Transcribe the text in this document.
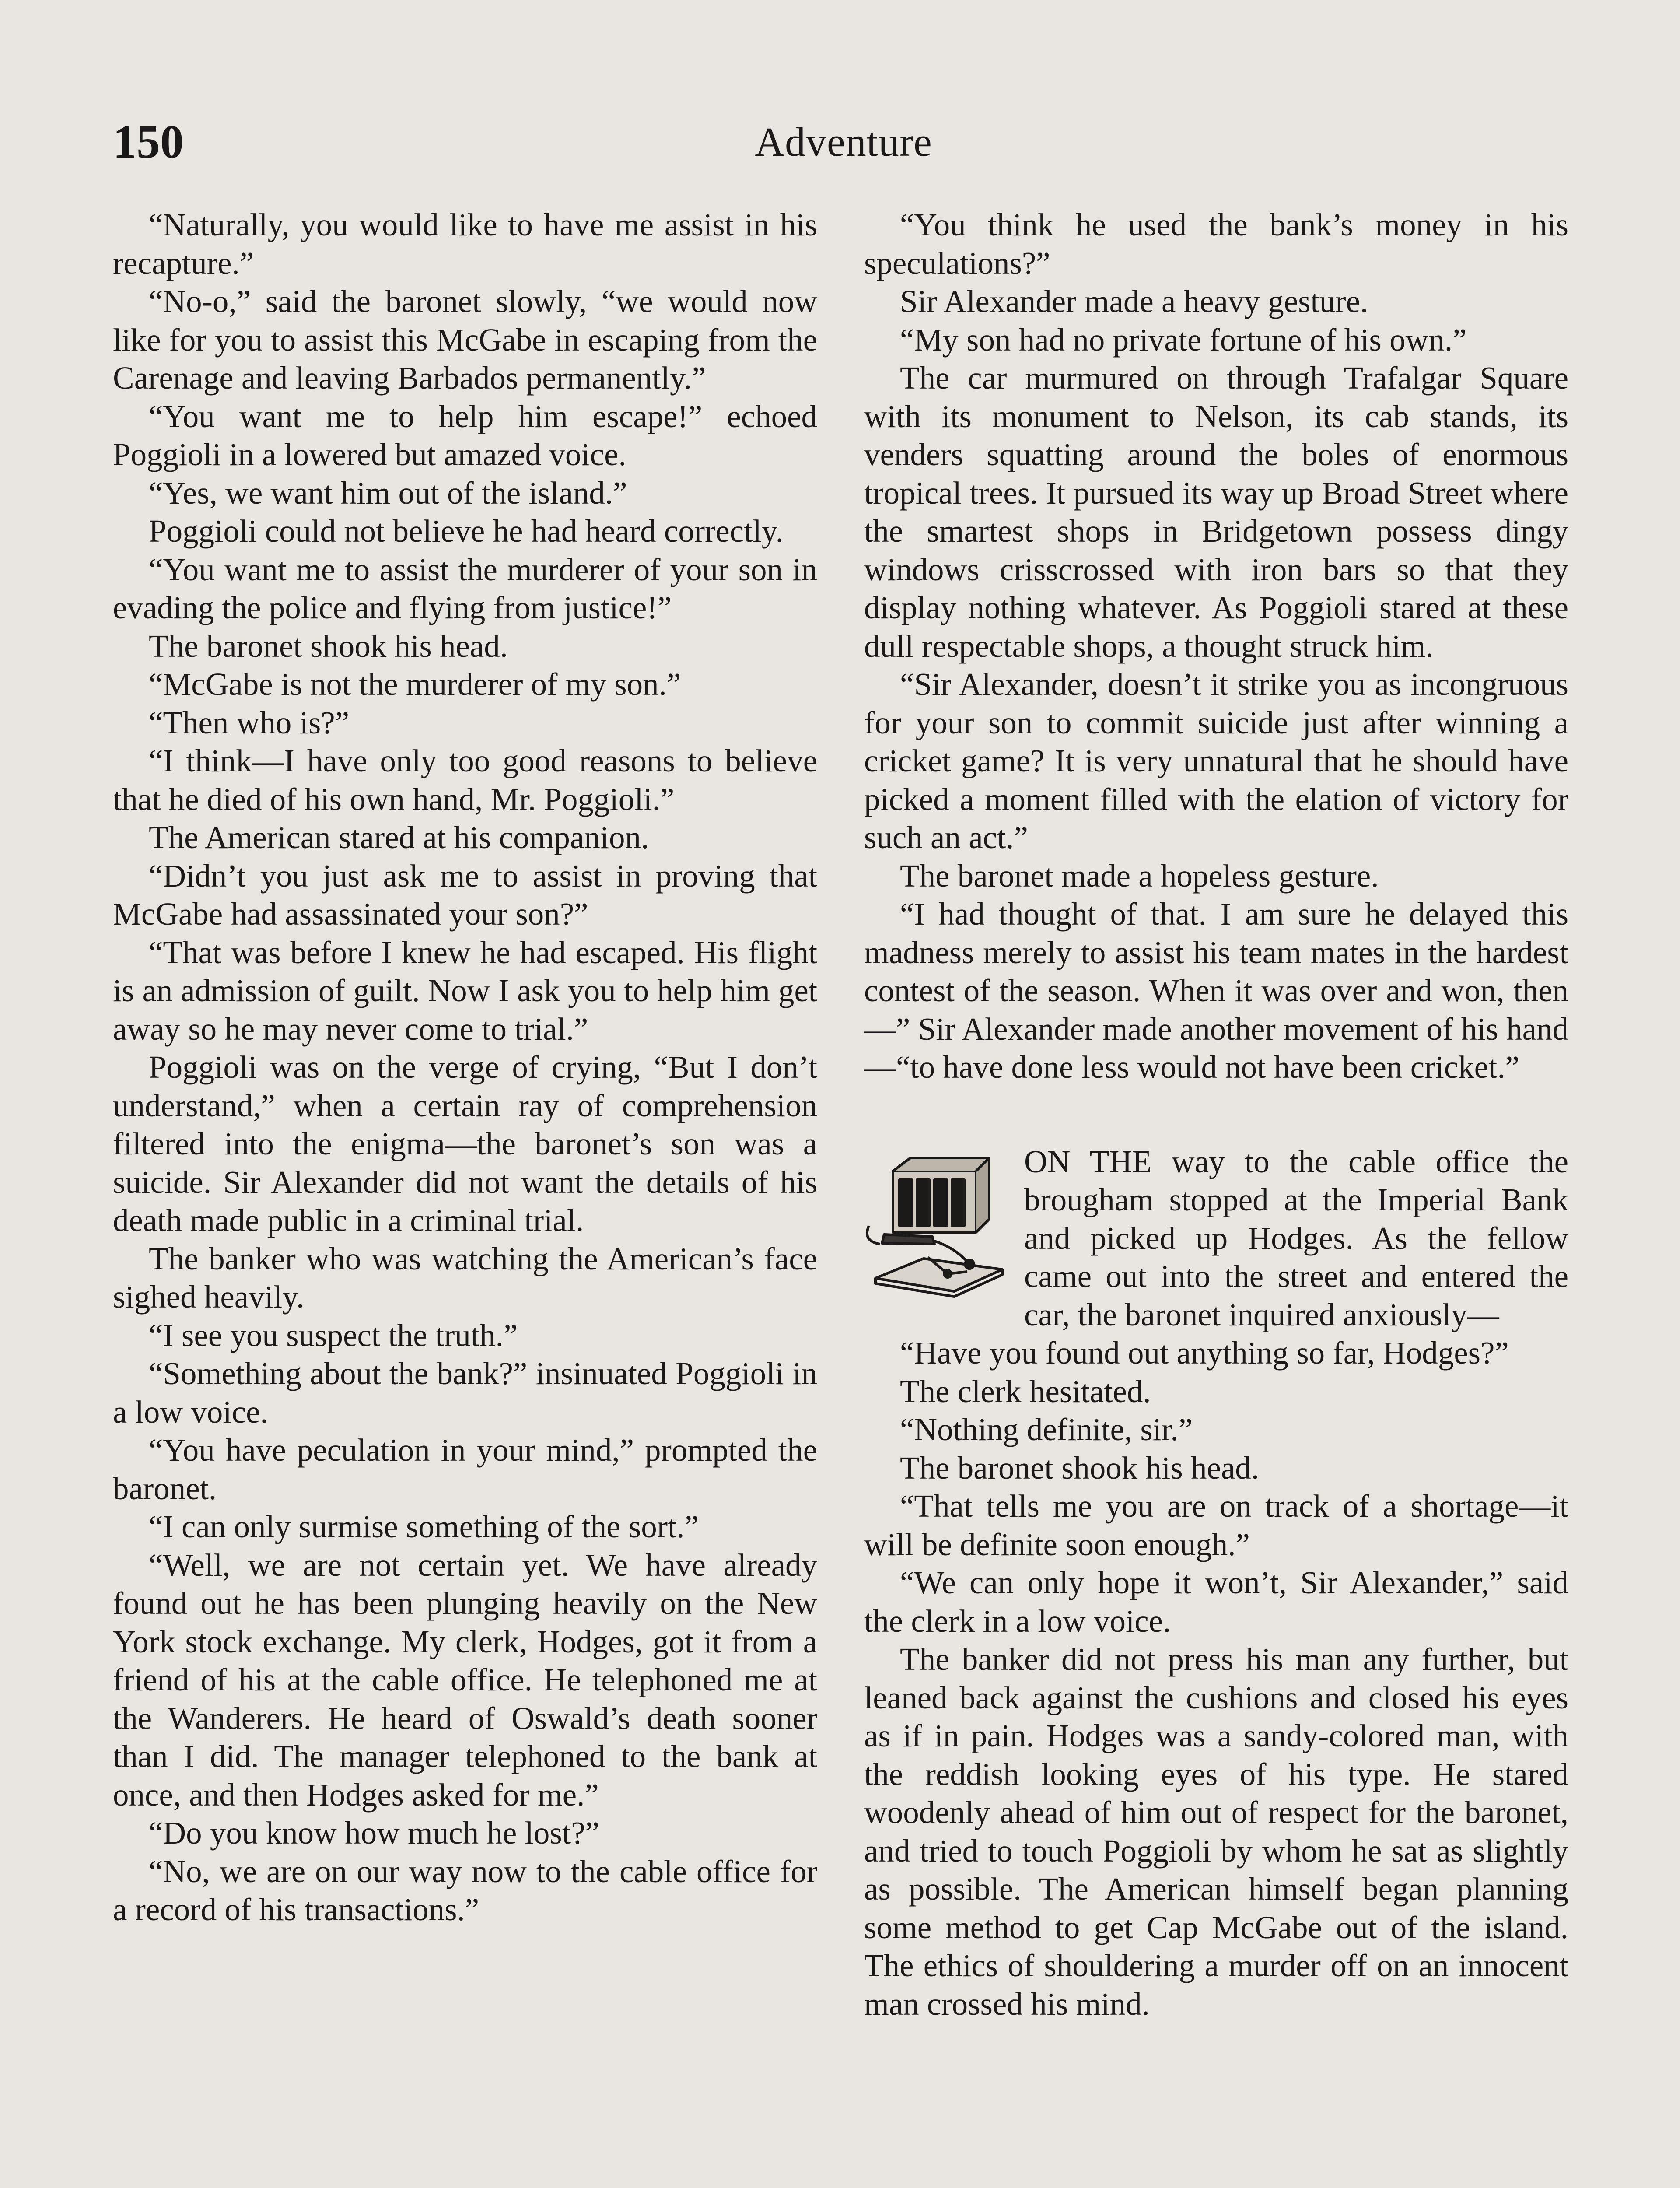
150	Adventure

“Naturally, you would like to have me assist in his recapture.”

“No-o,” said the baronet slowly, “we would now like for you to assist this McGabe in escaping from the Carenage and leaving Barbados permanently.”

“You want me to help him escape!” echoed Poggioli in a lowered but amazed voice.

“Yes, we want him out of the island.”

Poggioli could not believe he had heard correctly.

“You want me to assist the murderer of your son in evading the police and flying from justice!”

The baronet shook his head.

“McGabe is not the murderer of my son.”

“Then who is?”

“I think—I have only too good reasons to believe that he died of his own hand, Mr. Poggioli.”

The American stared at his companion.

“Didn’t you just ask me to assist in proving that McGabe had assassinated your son?”

“That was before I knew he had escaped. His flight is an admission of guilt. Now I ask you to help him get away so he may never come to trial.”

Poggioli was on the verge of crying, “But I don’t understand,” when a certain ray of comprehension filtered into the enigma—the baronet’s son was a suicide. Sir Alexander did not want the details of his death made public in a criminal trial.

The banker who was watching the American’s face sighed heavily.

“I see you suspect the truth.”

“Something about the bank?” insinuated Poggioli in a low voice.

“You have peculation in your mind,” prompted the baronet.

“I can only surmise something of the sort.”

“Well, we are not certain yet. We have already found out he has been plunging heavily on the New York stock exchange. My clerk, Hodges, got it from a friend of his at the cable office. He telephoned me at the Wanderers. He heard of Oswald’s death sooner than I did. The manager telephoned to the bank at once, and then Hodges asked for me.”

“Do you know how much he lost?”

“No, we are on our way now to the cable office for a record of his transactions.”

“You think he used the bank’s money in his speculations?”

Sir Alexander made a heavy gesture.

“My son had no private fortune of his own.”

The car murmured on through Trafalgar Square with its monument to Nelson, its cab stands, its venders squatting around the boles of enormous tropical trees. It pursued its way up Broad Street where the smartest shops in Bridgetown possess dingy windows crisscrossed with iron bars so that they display nothing whatever. As Poggioli stared at these dull respectable shops, a thought struck him.

“Sir Alexander, doesn’t it strike you as incongruous for your son to commit suicide just after winning a cricket game? It is very unnatural that he should have picked a moment filled with the elation of victory for such an act.”

The baronet made a hopeless gesture.

“I had thought of that. I am sure he delayed this madness merely to assist his team mates in the hardest contest of the season. When it was over and won, then—” Sir Alexander made another movement of his hand—“to have done less would not have been cricket.”

ON THE way to the cable office the brougham stopped at the Imperial Bank and picked up Hodges. As the fellow came out into the street and entered the car, the baronet inquired anxiously—

“Have you found out anything so far, Hodges?”

The clerk hesitated.

“Nothing definite, sir.”

The baronet shook his head.

“That tells me you are on track of a shortage—it will be definite soon enough.”

“We can only hope it won’t, Sir Alexander,” said the clerk in a low voice.

The banker did not press his man any further, but leaned back against the cushions and closed his eyes as if in pain. Hodges was a sandy-colored man, with the reddish looking eyes of his type. He stared woodenly ahead of him out of respect for the baronet, and tried to touch Poggioli by whom he sat as slightly as possible. The American himself began planning some method to get Cap McGabe out of the island. The ethics of shouldering a murder off on an innocent man crossed his mind.
